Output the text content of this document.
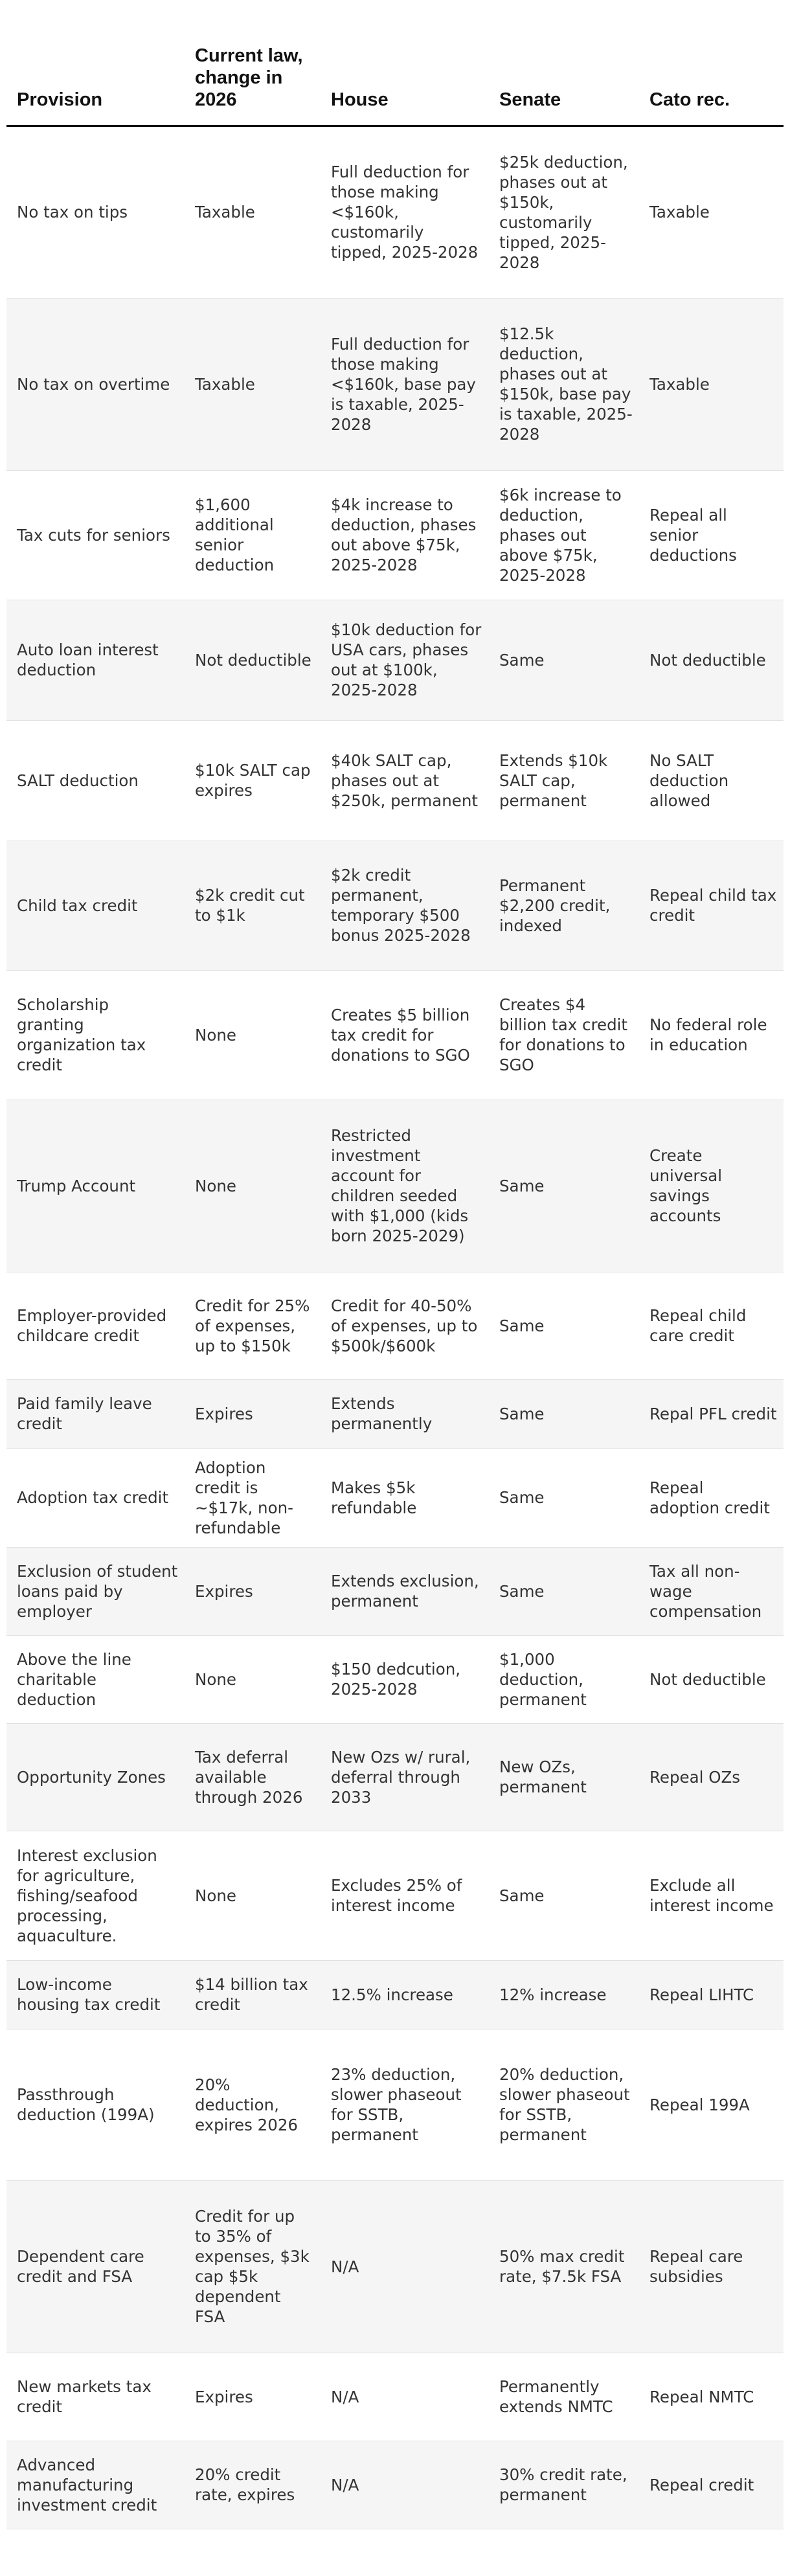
Provision	Current law, change in 2026	House	Senate	Cato rec.
No tax on tips	Taxable	Full deduction for those making <$160k, customarily tipped, 2025-2028	$25k deduction, phases out at $150k, customarily tipped, 2025-2028	Taxable
No tax on overtime	Taxable	Full deduction for those making <$160k, base pay is taxable, 2025-2028	$12.5k deduction, phases out at $150k, base pay is taxable, 2025-2028	Taxable
Tax cuts for seniors	$1,600 additional senior deduction	$4k increase to deduction, phases out above $75k, 2025-2028	$6k increase to deduction, phases out above $75k, 2025-2028	Repeal all senior deductions
Auto loan interest deduction	Not deductible	$10k deduction for USA cars, phases out at $100k, 2025-2028	Same	Not deductible
SALT deduction	$10k SALT cap expires	$40k SALT cap, phases out at $250k, permanent	Extends $10k SALT cap, permanent	No SALT deduction allowed
Child tax credit	$2k credit cut to $1k	$2k credit permanent, temporary $500 bonus 2025-2028	Permanent $2,200 credit, indexed	Repeal child tax credit
Scholarship granting organization tax credit	None	Creates $5 billion tax credit for donations to SGO	Creates $4 billion tax credit for donations to SGO	No federal role in education
Trump Account	None	Restricted investment account for children seeded with $1,000 (kids born 2025-2029)	Same	Create universal savings accounts
Employer-provided childcare credit	Credit for 25% of expenses, up to $150k	Credit for 40-50% of expenses, up to $500k/$600k	Same	Repeal child care credit
Paid family leave credit	Expires	Extends permanently	Same	Repal PFL credit
Adoption tax credit	Adoption credit is ~$17k, non-refundable	Makes $5k refundable	Same	Repeal adoption credit
Exclusion of student loans paid by employer	Expires	Extends exclusion, permanent	Same	Tax all non-wage compensation
Above the line charitable deduction	None	$150 dedcution, 2025-2028	$1,000 deduction, permanent	Not deductible
Opportunity Zones	Tax deferral available through 2026	New Ozs w/ rural, deferral through 2033	New OZs, permanent	Repeal OZs
Interest exclusion for agriculture, fishing/seafood processing, aquaculture.	None	Excludes 25% of interest income	Same	Exclude all interest income
Low-income housing tax credit	$14 billion tax credit	12.5% increase	12% increase	Repeal LIHTC
Passthrough deduction (199A)	20% deduction, expires 2026	23% deduction, slower phaseout for SSTB, permanent	20% deduction, slower phaseout for SSTB, permanent	Repeal 199A
Dependent care credit and FSA	Credit for up to 35% of expenses, $3k cap $5k dependent FSA	N/A	50% max credit rate, $7.5k FSA	Repeal care subsidies
New markets tax credit	Expires	N/A	Permanently extends NMTC	Repeal NMTC
Advanced manufacturing investment credit	20% credit rate, expires	N/A	30% credit rate, permanent	Repeal credit
